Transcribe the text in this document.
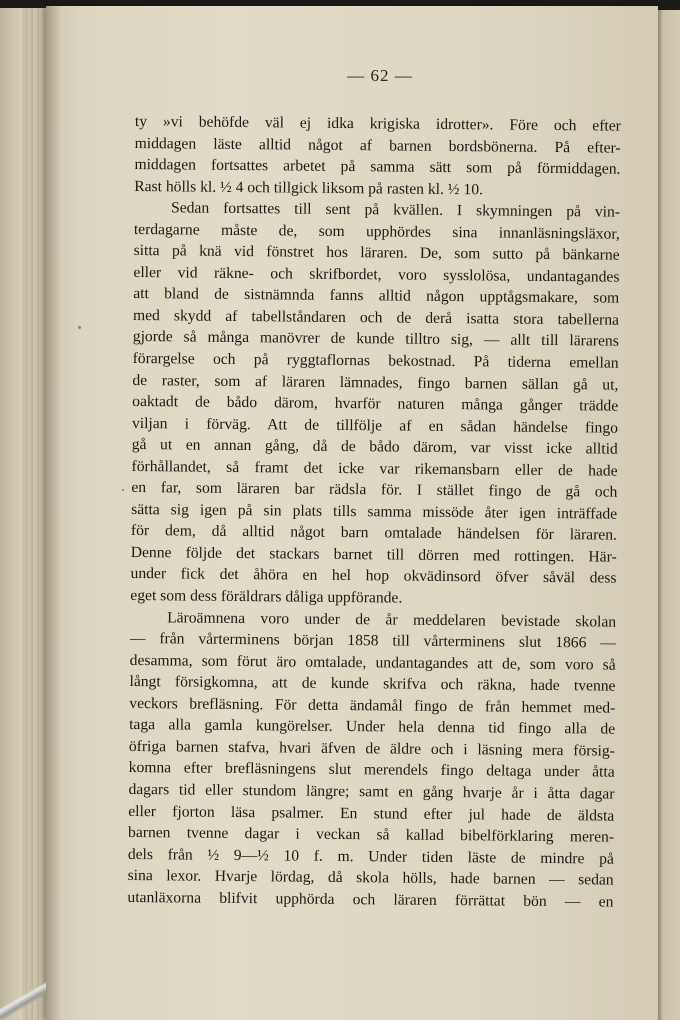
— 62 —
ty »vi behöfde väl ej idka krigiska idrotter». Före och efter
middagen läste alltid något af barnen bordsbönerna. På efter-
middagen fortsattes arbetet på samma sätt som på förmiddagen.
Rast hölls kl. ½ 4 och tillgick liksom på rasten kl. ½ 10.
Sedan fortsattes till sent på kvällen. I skymningen på vin-
terdagarne måste de, som upphördes sina innanläsningsläxor,
sitta på knä vid fönstret hos läraren. De, som sutto på bänkarne
eller vid räkne- och skrifbordet, voro sysslolösa, undantagandes
att bland de sistnämnda fanns alltid någon upptågsmakare, som
med skydd af tabellståndaren och de derå isatta stora tabellerna
gjorde så många manövrer de kunde tilltro sig, — allt till lärarens
förargelse och på ryggtaflornas bekostnad. På tiderna emellan
de raster, som af läraren lämnades, fingo barnen sällan gå ut,
oaktadt de bådo därom, hvarför naturen många gånger trädde
viljan i förväg. Att de tillfölje af en sådan händelse fingo
gå ut en annan gång, då de bådo därom, var visst icke alltid
förhållandet, så framt det icke var rikemansbarn eller de hade
en far, som läraren bar rädsla för. I stället fingo de gå och
sätta sig igen på sin plats tills samma missöde åter igen inträffade
för dem, då alltid något barn omtalade händelsen för läraren.
Denne följde det stackars barnet till dörren med rottingen. Här-
under fick det åhöra en hel hop okvädinsord öfver såväl dess
eget som dess föräldrars dåliga uppförande.
Läroämnena voro under de år meddelaren bevistade skolan
— från vårterminens början 1858 till vårterminens slut 1866 —
desamma, som förut äro omtalade, undantagandes att de, som voro så
långt försigkomna, att de kunde skrifva och räkna, hade tvenne
veckors brefläsning. För detta ändamål fingo de från hemmet med-
taga alla gamla kungörelser. Under hela denna tid fingo alla de
öfriga barnen stafva, hvari äfven de äldre och i läsning mera försig-
komna efter brefläsningens slut merendels fingo deltaga under åtta
dagars tid eller stundom längre; samt en gång hvarje år i åtta dagar
eller fjorton läsa psalmer. En stund efter jul hade de äldsta
barnen tvenne dagar i veckan så kallad bibelförklaring meren-
dels från ½ 9—½ 10 f. m. Under tiden läste de mindre på
sina lexor. Hvarje lördag, då skola hölls, hade barnen — sedan
utanläxorna blifvit upphörda och läraren förrättat bön — en
